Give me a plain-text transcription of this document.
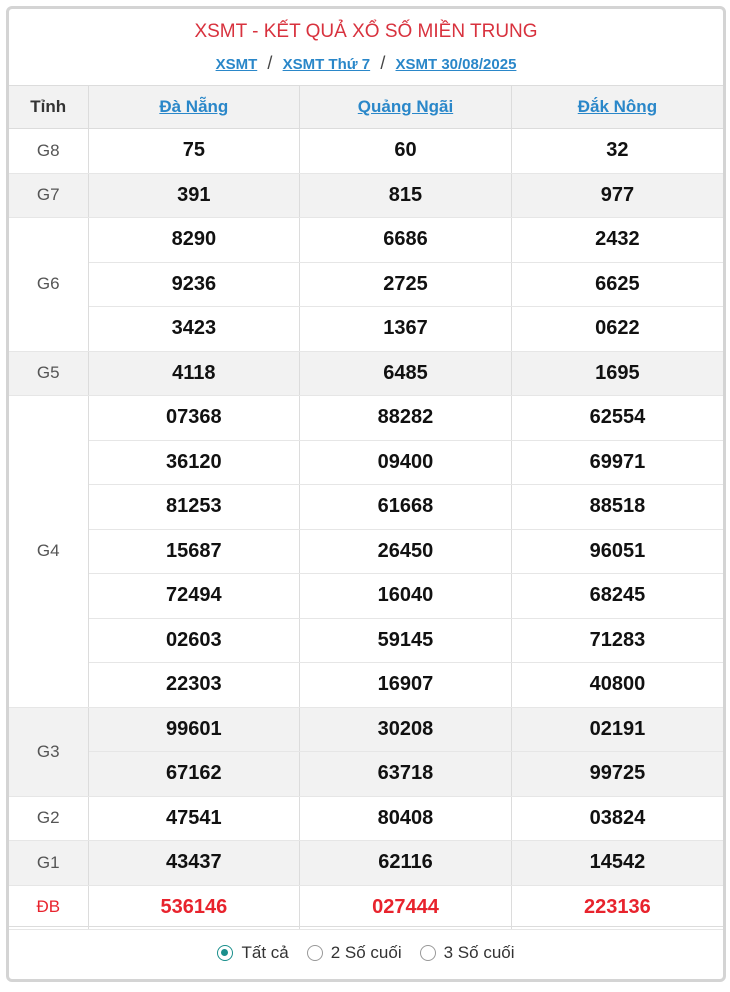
XSMT - KẾT QUẢ XỔ SỐ MIỀN TRUNG
XSMT / XSMT Thứ 7 / XSMT 30/08/2025
Tỉnh	Đà Nẵng	Quảng Ngãi	Đắk Nông
G8	75	60	32
G7	391	815	977
G6	8290	6686	2432
	9236	2725	6625
	3423	1367	0622
G5	4118	6485	1695
G4	07368	88282	62554
	36120	09400	69971
	81253	61668	88518
	15687	26450	96051
	72494	16040	68245
	02603	59145	71283
	22303	16907	40800
G3	99601	30208	02191
	67162	63718	99725
G2	47541	80408	03824
G1	43437	62116	14542
ĐB	536146	027444	223136
Tất cả 2 Số cuối 3 Số cuối
